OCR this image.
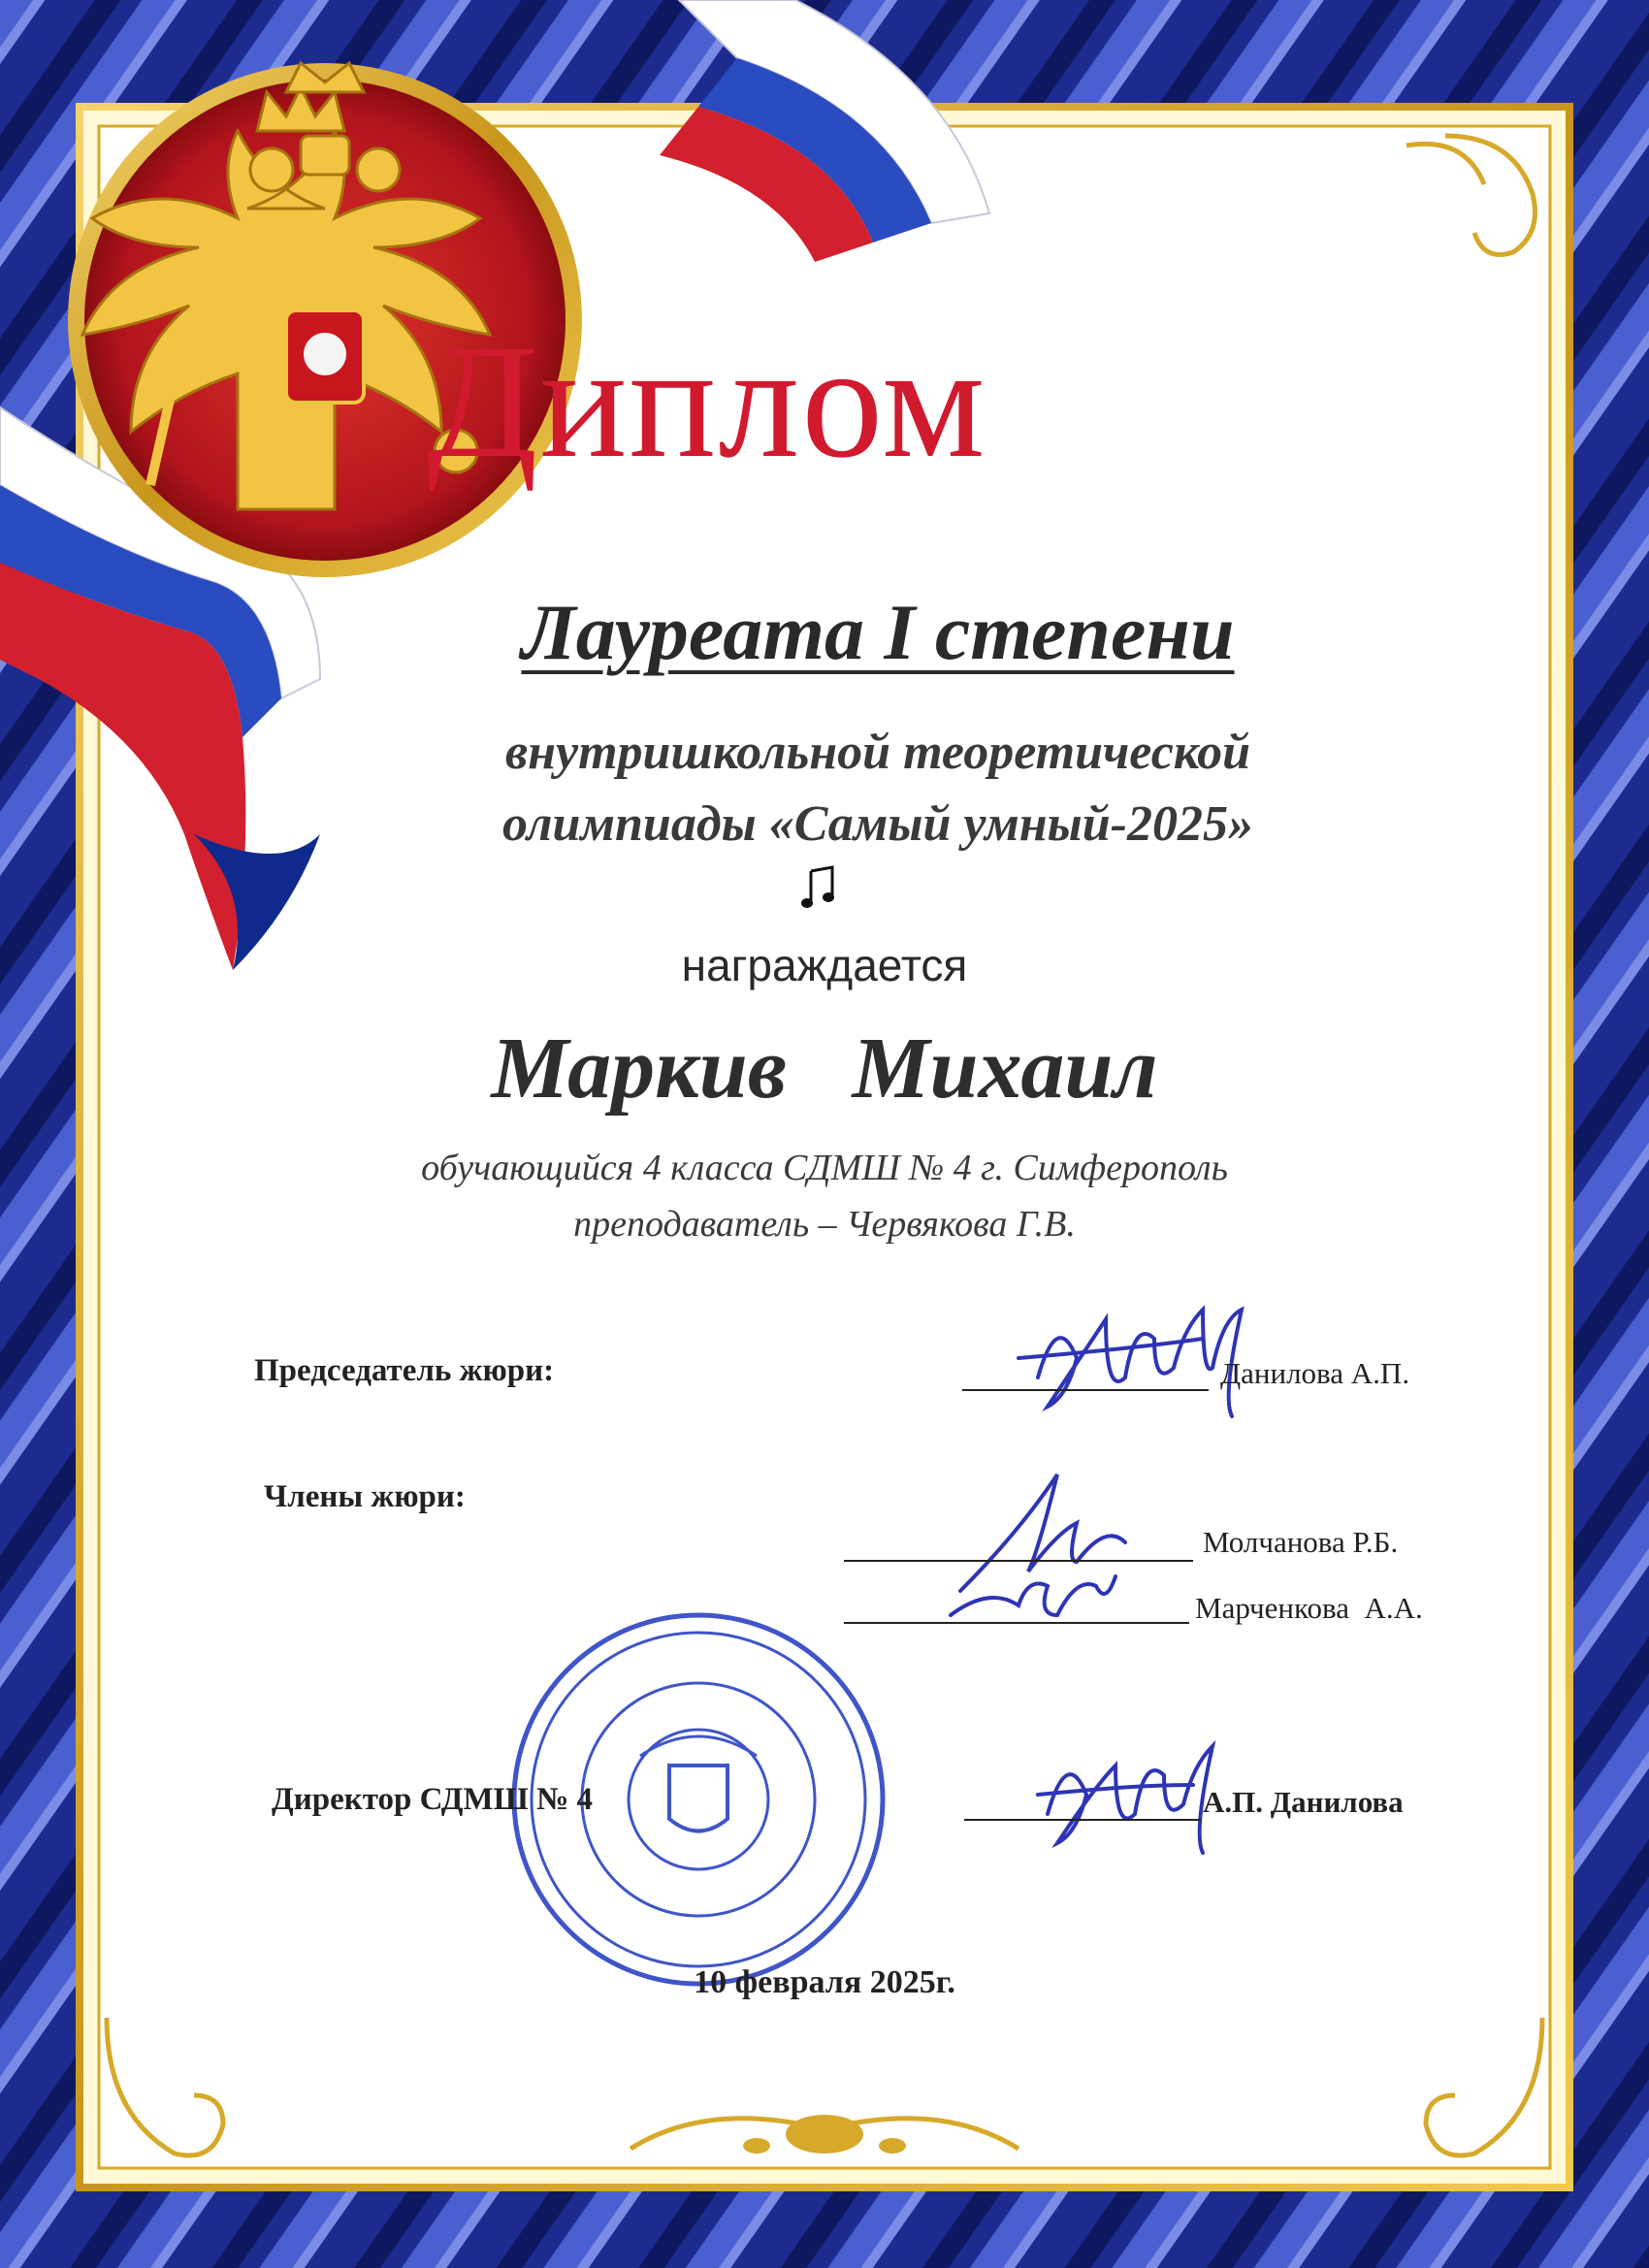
Диплом
Лауреата I степени
внутришкольной теоретической
олимпиады «Самый умный-2025»
награждается
Маркив   Михаил
обучающийся 4 класса СДМШ № 4 г. Симферополь
преподаватель – Червякова Г.В.
Председатель жюри:	Данилова А.П.
Члены жюри:
Молчанова Р.Б.
Марченкова  А.А.
Директор СДМШ № 4	А.П. Данилова
10 февраля 2025г.
